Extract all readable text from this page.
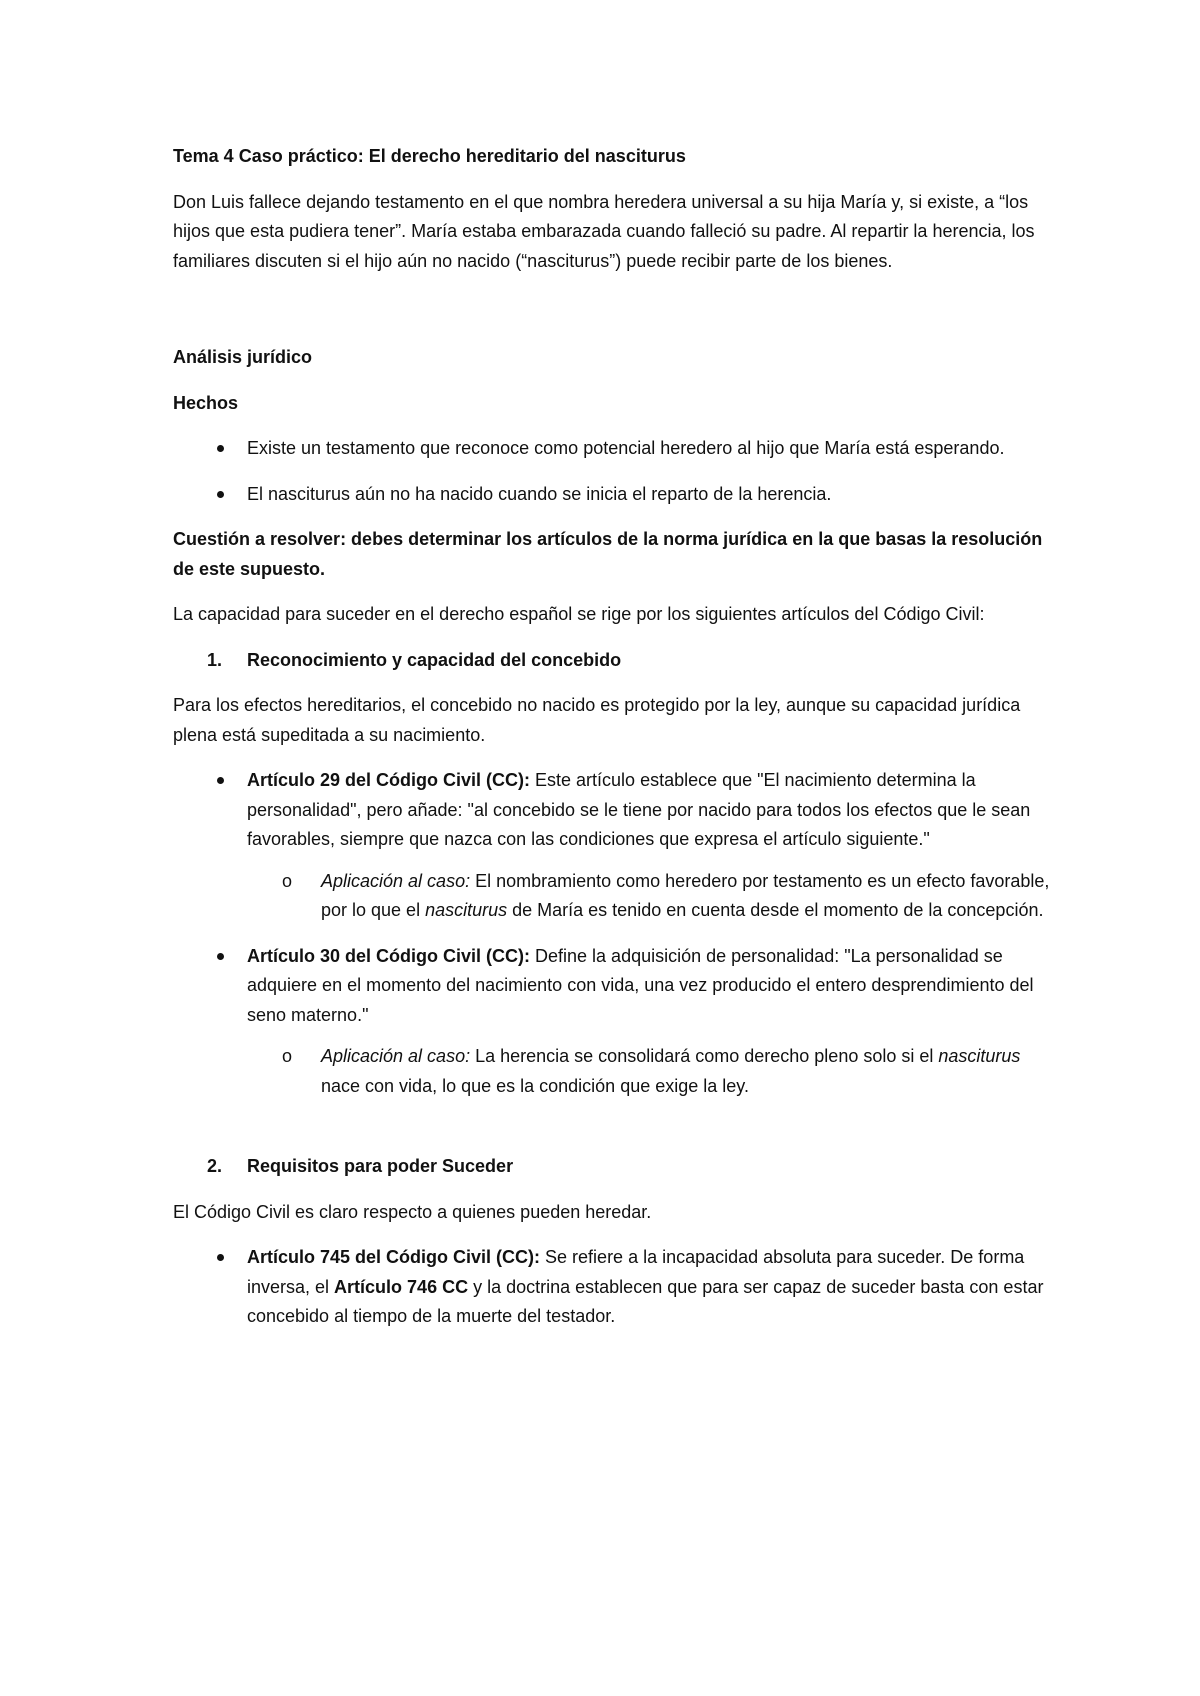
Tema 4 Caso práctico: El derecho hereditario del nasciturus

Don Luis fallece dejando testamento en el que nombra heredera universal a su hija María y, si existe, a “los hijos que esta pudiera tener”. María estaba embarazada cuando falleció su padre. Al repartir la herencia, los familiares discuten si el hijo aún no nacido (“nasciturus”) puede recibir parte de los bienes.

Análisis jurídico

Hechos

Existe un testamento que reconoce como potencial heredero al hijo que María está esperando.
El nasciturus aún no ha nacido cuando se inicia el reparto de la herencia.

Cuestión a resolver: debes determinar los artículos de la norma jurídica en la que basas la resolución de este supuesto.

La capacidad para suceder en el derecho español se rige por los siguientes artículos del Código Civil:

1. Reconocimiento y capacidad del concebido

Para los efectos hereditarios, el concebido no nacido es protegido por la ley, aunque su capacidad jurídica plena está supeditada a su nacimiento.

Artículo 29 del Código Civil (CC): Este artículo establece que "El nacimiento determina la personalidad", pero añade: "al concebido se le tiene por nacido para todos los efectos que le sean favorables, siempre que nazca con las condiciones que expresa el artículo siguiente."
o Aplicación al caso: El nombramiento como heredero por testamento es un efecto favorable, por lo que el nasciturus de María es tenido en cuenta desde el momento de la concepción.
Artículo 30 del Código Civil (CC): Define la adquisición de personalidad: "La personalidad se adquiere en el momento del nacimiento con vida, una vez producido el entero desprendimiento del seno materno."
o Aplicación al caso: La herencia se consolidará como derecho pleno solo si el nasciturus nace con vida, lo que es la condición que exige la ley.
2. Requisitos para poder Suceder

El Código Civil es claro respecto a quienes pueden heredar.

Artículo 745 del Código Civil (CC): Se refiere a la incapacidad absoluta para suceder. De forma inversa, el Artículo 746 CC y la doctrina establecen que para ser capaz de suceder basta con estar concebido al tiempo de la muerte del testador.
